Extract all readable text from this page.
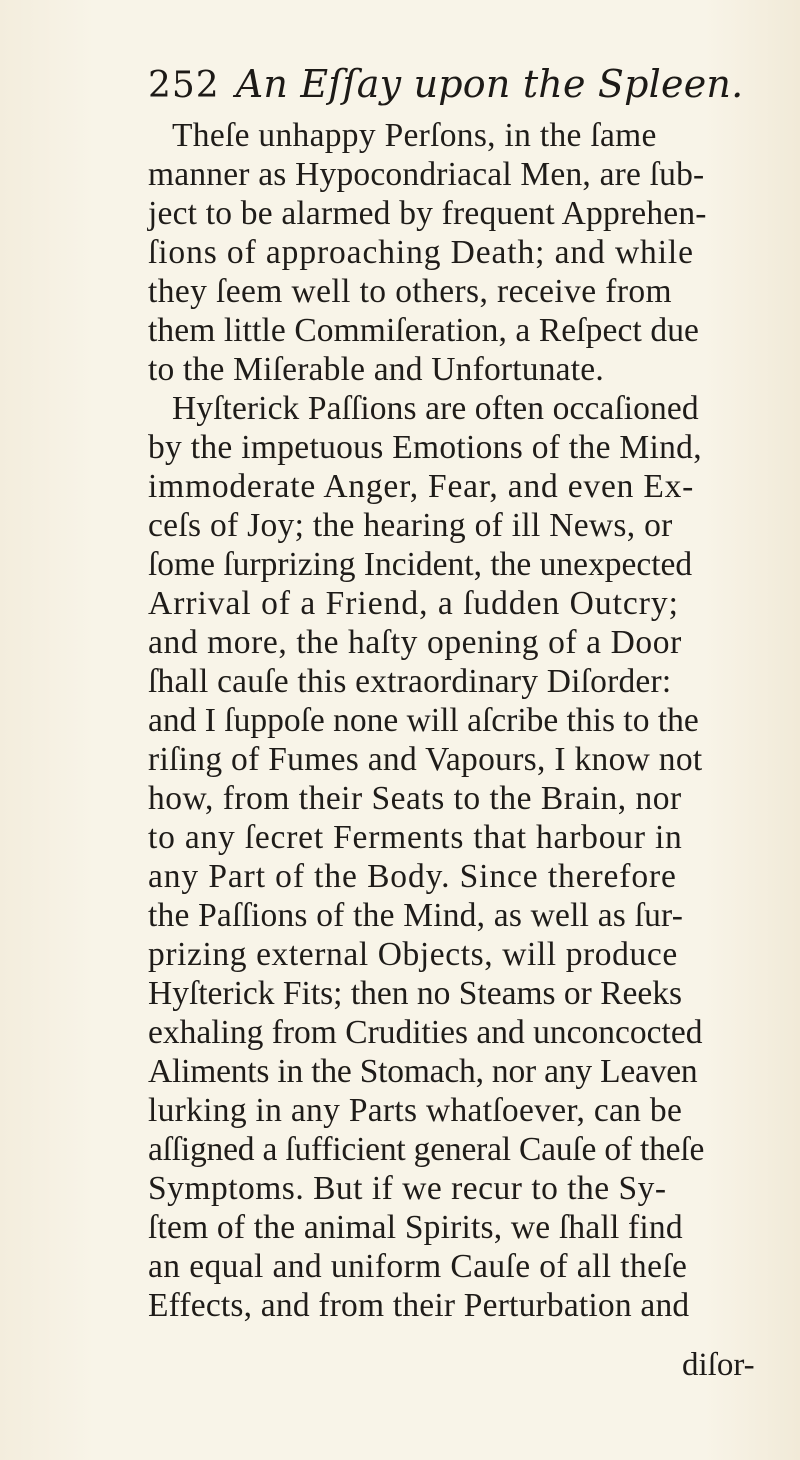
252 An Eſſay upon the Spleen.
Theſe unhappy Perſons, in the ſame
manner as Hypocondriacal Men, are ſub-
ject to be alarmed by frequent Apprehen-
ſions of approaching Death; and while
they ſeem well to others, receive from
them little Commiſeration, a Reſpect due
to the Miſerable and Unfortunate.
Hyſterick Paſſions are often occaſioned
by the impetuous Emotions of the Mind,
immoderate Anger, Fear, and even Ex-
ceſs of Joy; the hearing of ill News, or
ſome ſurprizing Incident, the unexpected
Arrival of a Friend, a ſudden Outcry;
and more, the haſty opening of a Door
ſhall cauſe this extraordinary Diſorder:
and I ſuppoſe none will aſcribe this to the
riſing of Fumes and Vapours, I know not
how, from their Seats to the Brain, nor
to any ſecret Ferments that harbour in
any Part of the Body. Since therefore
the Paſſions of the Mind, as well as ſur-
prizing external Objects, will produce
Hyſterick Fits; then no Steams or Reeks
exhaling from Crudities and unconcocted
Aliments in the Stomach, nor any Leaven
lurking in any Parts whatſoever, can be
aſſigned a ſufficient general Cauſe of theſe
Symptoms. But if we recur to the Sy-
ſtem of the animal Spirits, we ſhall find
an equal and uniform Cauſe of all theſe
Effects, and from their Perturbation and
diſor-
